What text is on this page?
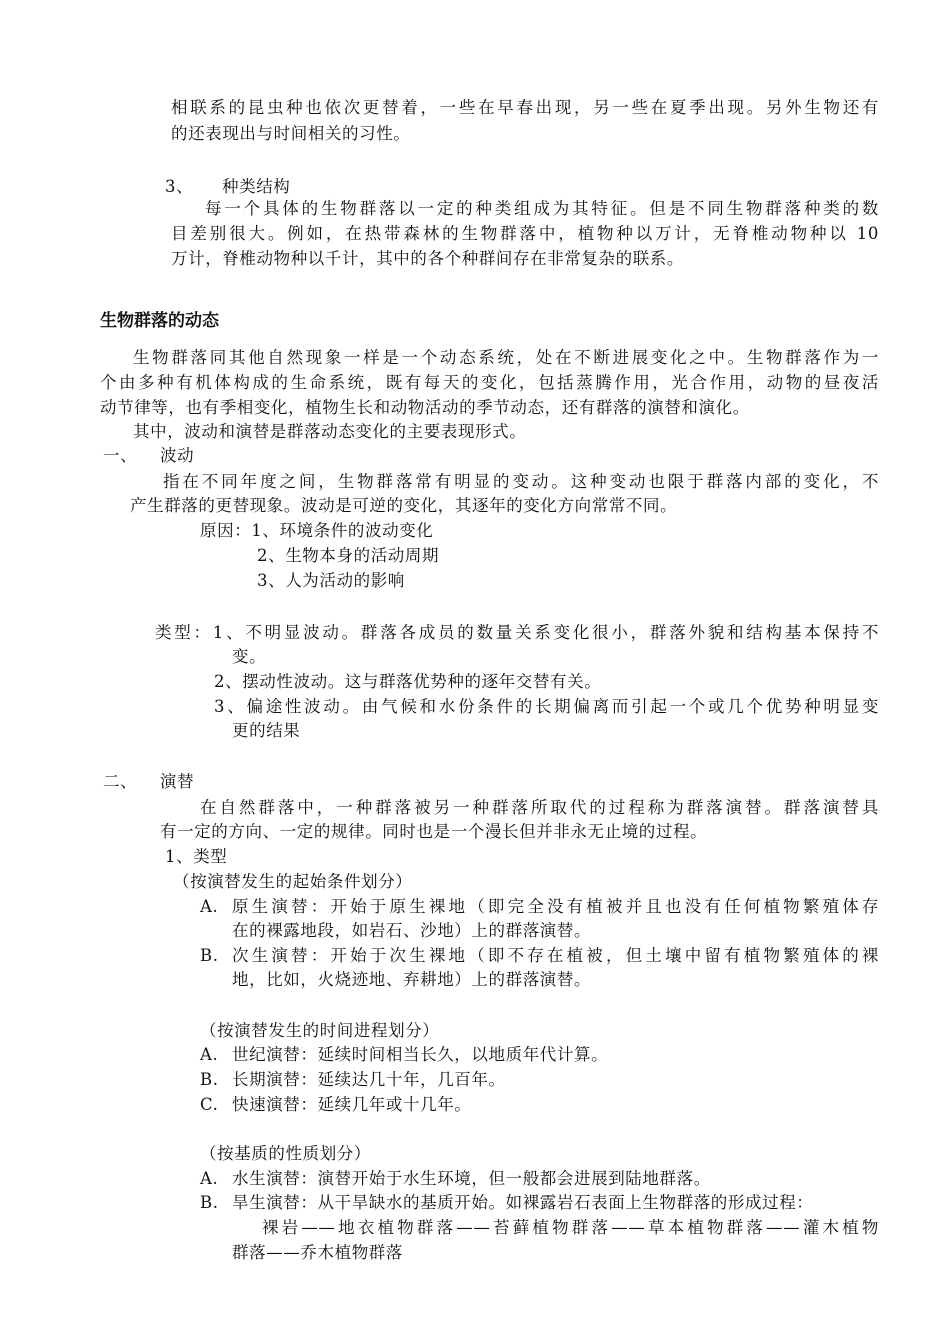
相联系的昆虫种也依次更替着，一些在早春出现，另一些在夏季出现。另外生物还有
的还表现出与时间相关的习性。
3、 种类结构
每一个具体的生物群落以一定的种类组成为其特征。但是不同生物群落种类的数
目差别很大。例如，在热带森林的生物群落中，植物种以万计，无脊椎动物种以 10
万计，脊椎动物种以千计，其中的各个种群间存在非常复杂的联系。
生物群落的动态
生物群落同其他自然现象一样是一个动态系统，处在不断进展变化之中。生物群落作为一
个由多种有机体构成的生命系统，既有每天的变化，包括蒸腾作用，光合作用，动物的昼夜活
动节律等，也有季相变化，植物生长和动物活动的季节动态，还有群落的演替和演化。
其中，波动和演替是群落动态变化的主要表现形式。
一、 波动
指在不同年度之间，生物群落常有明显的变动。这种变动也限于群落内部的变化，不
产生群落的更替现象。波动是可逆的变化，其逐年的变化方向常常不同。
原因：1、环境条件的波动变化
2、生物本身的活动周期
3、人为活动的影响
类型：1、不明显波动。群落各成员的数量关系变化很小，群落外貌和结构基本保持不
变。
2、摆动性波动。这与群落优势种的逐年交替有关。
3、偏途性波动。由气候和水份条件的长期偏离而引起一个或几个优势种明显变
更的结果
二、 演替
在自然群落中，一种群落被另一种群落所取代的过程称为群落演替。群落演替具
有一定的方向、一定的规律。同时也是一个漫长但并非永无止境的过程。
1、类型
（按演替发生的起始条件划分）
A. 原生演替：开始于原生裸地（即完全没有植被并且也没有任何植物繁殖体存
在的裸露地段，如岩石、沙地）上的群落演替。
B. 次生演替：开始于次生裸地（即不存在植被，但土壤中留有植物繁殖体的裸
地，比如，火烧迹地、弃耕地）上的群落演替。
（按演替发生的时间进程划分）
A. 世纪演替：延续时间相当长久，以地质年代计算。
B. 长期演替：延续达几十年，几百年。
C. 快速演替：延续几年或十几年。
（按基质的性质划分）
A. 水生演替：演替开始于水生环境，但一般都会进展到陆地群落。
B. 旱生演替：从干旱缺水的基质开始。如裸露岩石表面上生物群落的形成过程：
裸岩——地衣植物群落——苔藓植物群落——草本植物群落——灌木植物
群落——乔木植物群落
